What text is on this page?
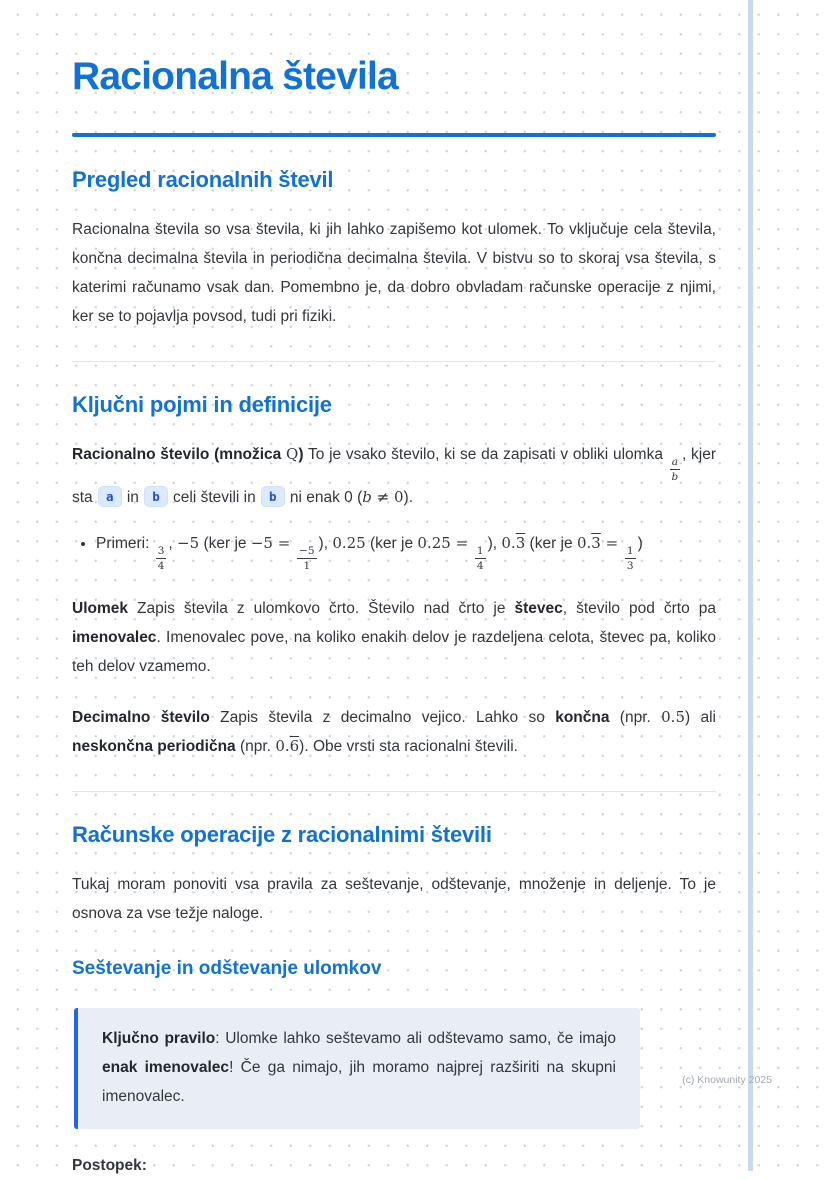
Racionalna števila
Pregled racionalnih števil

Racionalna števila so vsa števila, ki jih lahko zapišemo kot ulomek. To vključuje cela števila, končna decimalna števila in periodična decimalna števila. V bistvu so to skoraj vsa števila, s katerimi računamo vsak dan. Pomembno je, da dobro obvladam računske operacije z njimi, ker se to pojavlja povsod, tudi pri fiziki.

Ključni pojmi in definicije

Racionalno število (množica Q) To je vsako število, ki se da zapisati v obliki ulomka
$\frac{a}{b}$
, kjer sta a in b celi števili in b ni enak 0 (b ≠ 0).

• Primeri:
$\frac{3}{4}$
, −5 (ker je −5 =
$\frac{-5}{1}$
), 0.25 (ker je 0.25 =
$\frac{1}{4}$
), 0.3 (ker je 0.3 =
$\frac{1}{3}$
)

Ulomek Zapis števila z ulomkovo črto. Število nad črto je števec, število pod črto pa imenovalec. Imenovalec pove, na koliko enakih delov je razdeljena celota, števec pa, koliko teh delov vzamemo.

Decimalno število Zapis števila z decimalno vejico. Lahko so končna (npr. 0.5) ali neskončna periodična (npr. 0.6). Obe vrsti sta racionalni števili.

Računske operacije z racionalnimi števili

Tukaj moram ponoviti vsa pravila za seštevanje, odštevanje, množenje in deljenje. To je osnova za vse težje naloge.

Seštevanje in odštevanje ulomkov

Ključno pravilo: Ulomke lahko seštevamo ali odštevamo samo, če imajo enak imenovalec! Če ga nimajo, jih moramo najprej razširiti na skupni imenovalec.

Postopek:

(c) Knowunity 2025
